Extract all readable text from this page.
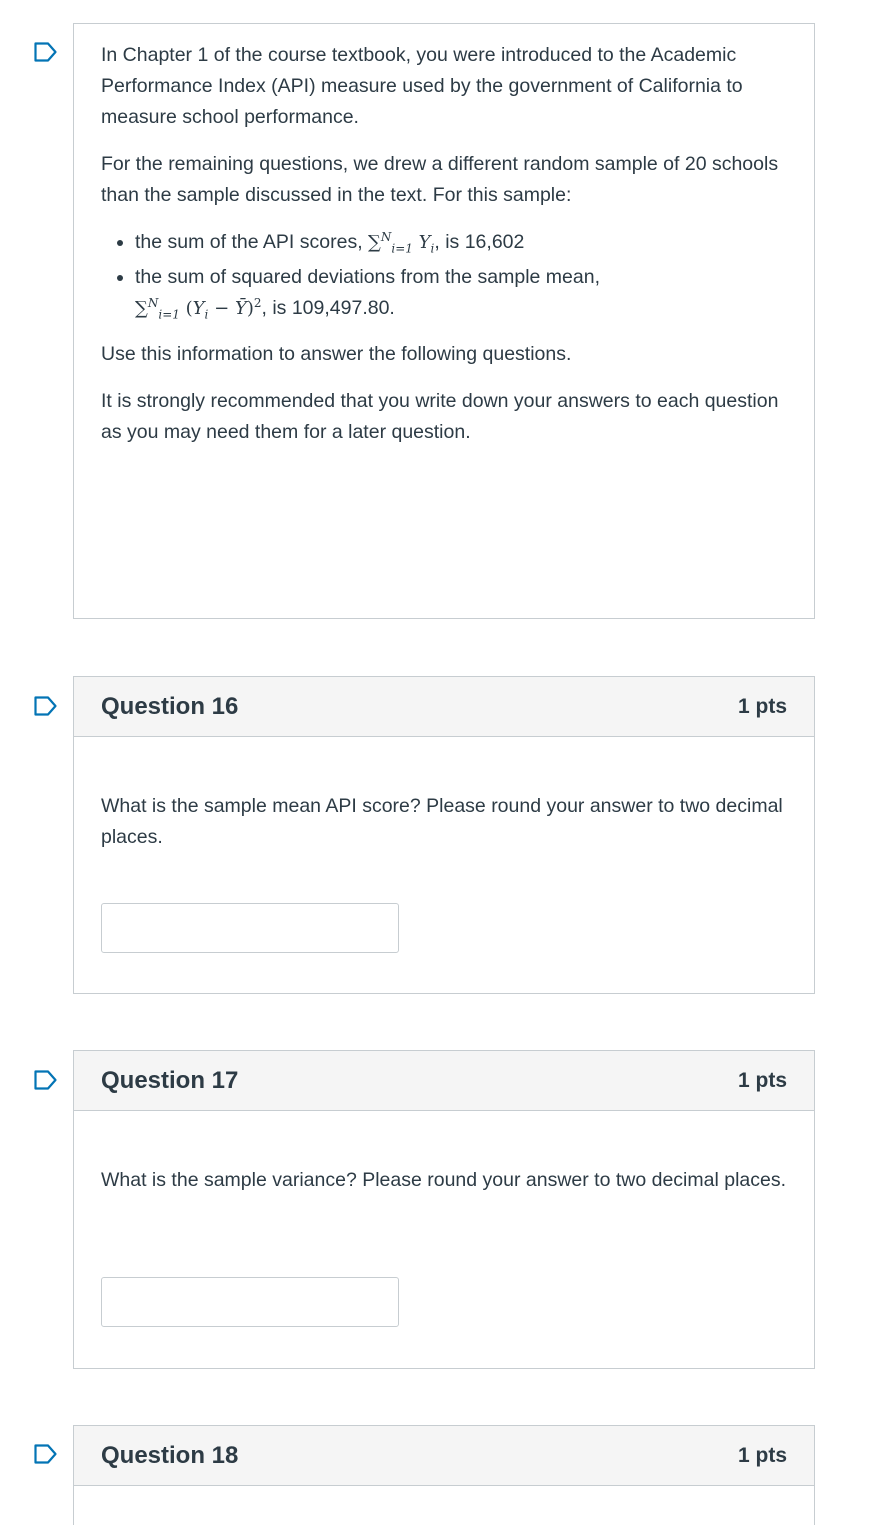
In Chapter 1 of the course textbook, you were introduced to the Academic Performance Index (API) measure used by the government of California to measure school performance.

For the remaining questions, we drew a different random sample of 20 schools than the sample discussed in the text. For this sample:

• the sum of the API scores, ∑$^N_{i=1}$ $Y_i$, is 16,602
• the sum of squared deviations from the sample mean,
∑$^N_{i=1}$ ($Y_i$ − Ȳ)$^2$, is 109,497.80.

Use this information to answer the following questions.

It is strongly recommended that you write down your answers to each question as you may need them for a later question.

Question 16	1 pts
What is the sample mean API score? Please round your answer to two decimal places.
Question 17	1 pts
What is the sample variance? Please round your answer to two decimal places.
Question 18	1 pts
